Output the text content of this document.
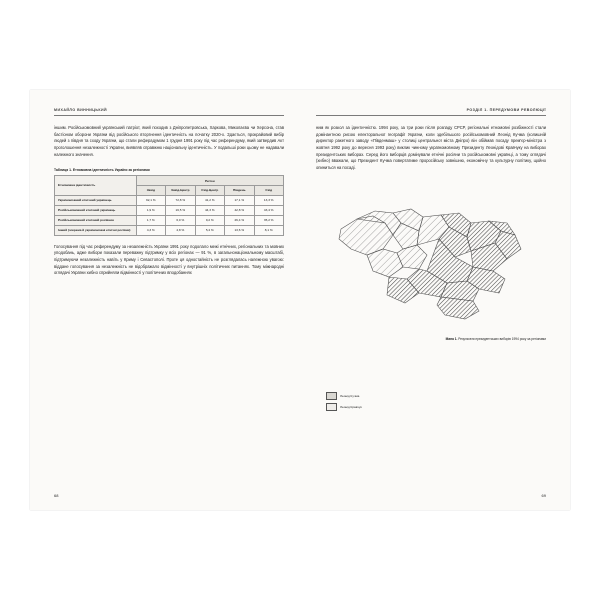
МИХАЙЛО ВИННИЦЬКИЙ

іншим. Російськомовний український патріот, який походив з Дніпропетровська, Харкова, Миколаєва чи Херсона, став бастіоном оборони України від російського вторгнення ідентичність на початку 2020-х. Здається, прокрайовий вибір людей з півдня та сходу України, що стали реферадумом 1 грудня 1991 року під час референдуму, який затвердив Акт проголошення незалежності України, виявляв справжню національну ідентичність. У подальші роки цьому не надавали належного значення.

Таблиця 1. Етномовна ідентичність України за регіонами
Етномовна ідентичність	Регіон				
	Захід	Захід-Центр	Схід-Центр	Південь	Схід
Україномовний етнічний українець	92,1 %	72,8 %	41,2 %	17,1 %	13,3 %
Російськомовний етнічний українець	1,9 %	16,5 %	44,3 %	42,8 %	43,4 %
Російськомовний етнічний росіянин	1,7 %	6,0 %	9,2 %	26,4 %	35,2 %
Інший (зокрема й україномовні етнічні росіяни)	4,3 %	4,8 %	5,4 %	13,6 %	8,1 %

Голосування під час референдуму за незалежність України 1991 року подолало межі етнічних, регіональних та мовних уподобань, адже вибори показали переважну підтримку у всіх регіонах — 91 %, в загальнонаціональному масштабі, підтримуючи незалежність навіть у Криму і Севастополі. Проте ця одностайність не розглядалась належною увагою: віддане голосування за незалежність не відображало відмінності у внутрішніх політичних питаннях. Тому міжнародні оглядачі України хибно сприйняли відмінності у політичних вподобаннях

68
РОЗДІЛ 1. ПЕРЕДУМОВИ РЕВОЛЮЦІЇ

ним як розкол за ідентичністю. 1994 року, за три роки після розпаду СРСР, регіональні етномовні розбіжності стали домінантною рисою електоральної географії України, коли здебільшого російськомовний Леонід Кучма (колишній директор ракетного заводу «Південмаш» у столиці центральної міста Дніпро) він обіймав посаду прем'єр-міністра з жовтня 1992 року до вересня 1993 року) виклик чинному україномовному Президенту Леонідові Кравчуку на виборах президентських виборах. Серед його виборців домінували етнічні росіяни та російськомовні українці, а тому оглядачі (хибно) вважали, що Президент Кучма повертатиме проросійську зовнішню, економічну та культурну політику, щойно опиниться на посаді.

Мапа 1. Результати президентських виборів 1994 року за регіонами
Леонід Кучма
Леонід Кравчук
69
